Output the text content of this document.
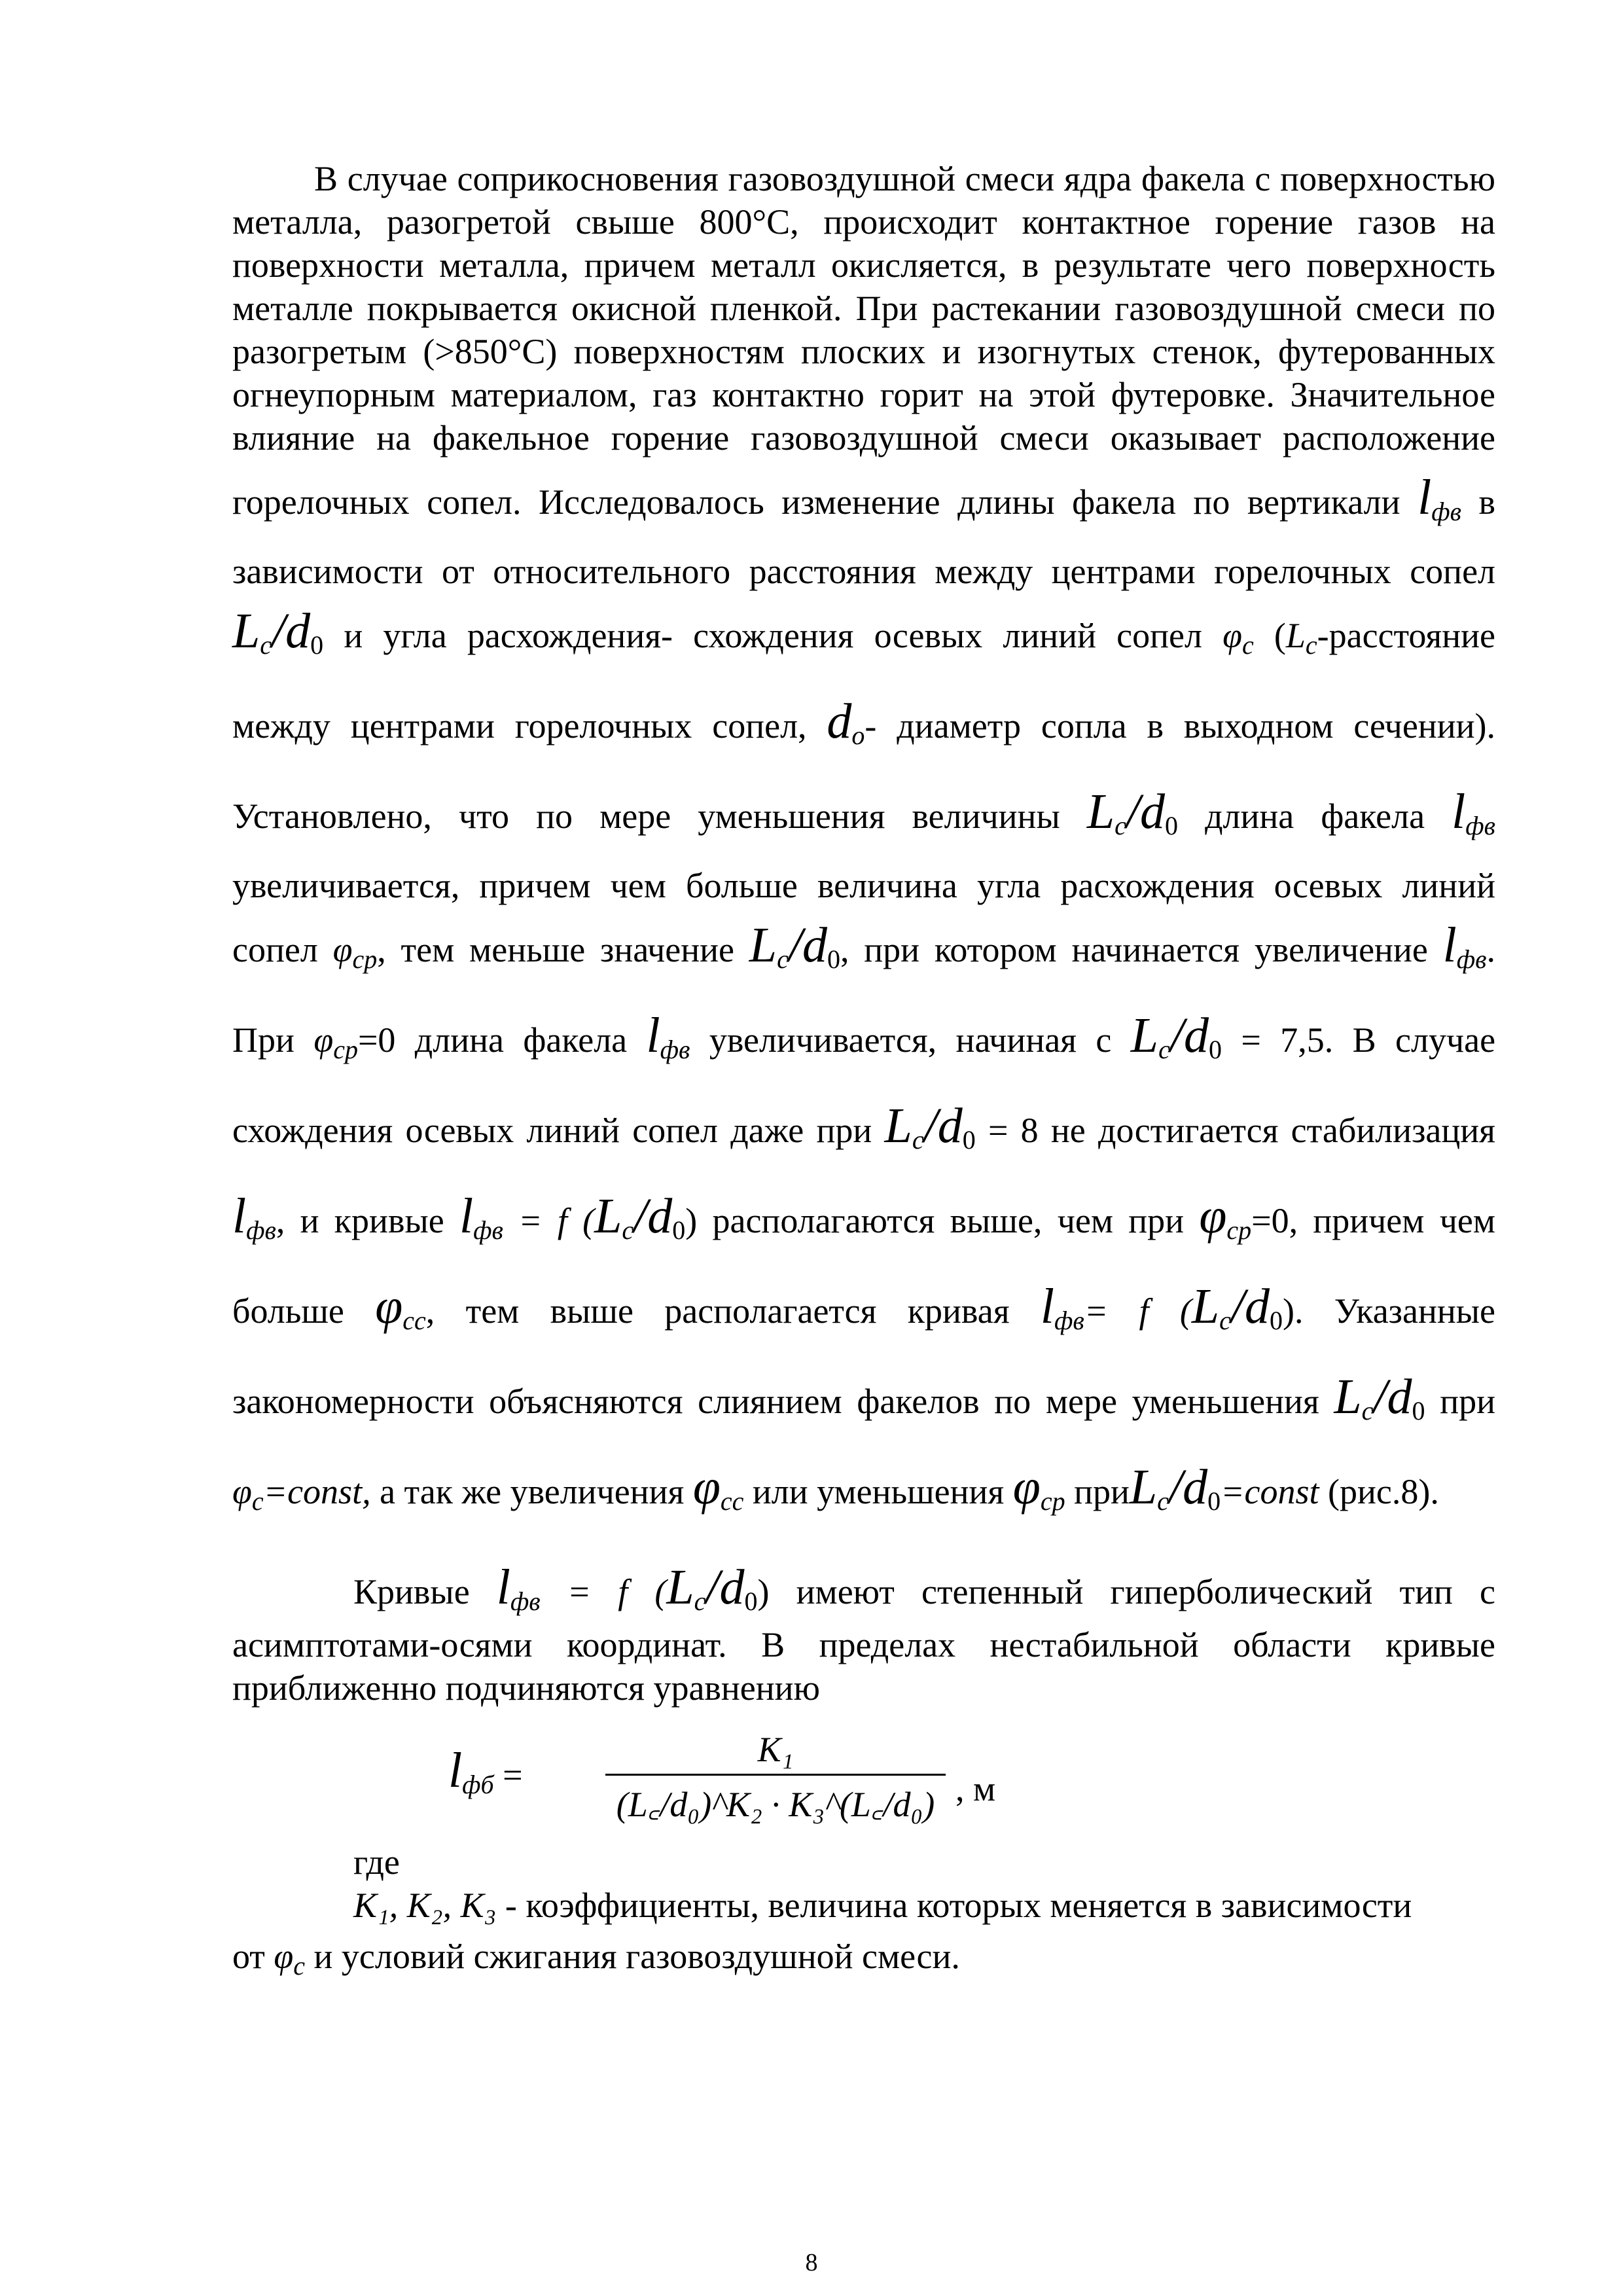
В случае соприкосновения газовоздушной смеси ядра факела с поверхностью металла, разогретой свыше 800°С, происходит контактное горение газов на поверхности металла, причем металл окисляется, в результате чего поверхность металле покрывается окисной пленкой. При растекании газовоздушной смеси по разогретым (>850°С) поверхностям плоских и изогнутых стенок, футерованных огнеупорным материалом, газ контактно горит на этой футеровке. Значительное влияние на факельное горение газовоздушной смеси оказывает расположение горелочных сопел. Исследовалось изменение длины факела по вертикали $l_{фв}$ в зависимости от относительного расстояния между центрами горелочных сопел $L_c/d0$ и угла расхождения- схождения осевых линий сопел $\varphi_c$ ($L_c$-расстояние между центрами горелочных сопел, $d_o-$ диаметр сопла в выходном сечении). Установлено, что по мере уменьшения величины $L_c/d0$ длина факела $l_{фв}$ увеличивается, причем чем больше величина угла расхождения осевых линий сопел $\varphi_{cp}$, тем меньше значение $L_c/d0$, при котором начинается увеличение $l_{фв}$. При $\varphi_{cp}=0$ длина факела $l_{фв}$ увеличивается, начиная с $L_c/d0 = 7,5$. В случае схождения осевых линий сопел даже при $L_c/d0 = 8$ не достигается стабилизация $l_{фв}$, и кривые $l_{фв} = f$ $(L_c/d0)$ располагаются выше, чем при $\varphi_{cp}=0$, причем чем больше $\varphi_{cc}$, тем выше располагается кривая $l_{фв}= f$ $(L_c/d0)$. Указанные закономерности объясняются слиянием факелов по мере уменьшения $L_c/d0$ при $\varphi_c=const$, а так же увеличения $\varphi_{cc}$ или уменьшения $\varphi_{cp}$ приL$_c$/d0=const (рис.8).

Кривые $l_{фв} = f$ $(L_c/d0)$ имеют степенный гиперболический тип с асимптотами-осями координат. В пределах нестабильной области кривые приближенно подчиняются уравнению

$l_{фб} = \frac{\text{K₁}}{\text{(L꜀/d₀)\textasciicircum{}K₂ · K₃\textasciicircum{}(L꜀/d₀)}}$ , м
где
K₁, K₂, K₃ - коэффициенты, величина которых меняется в зависимости
от $\varphi_c$ и условий сжигания газовоздушной смеси.
8
